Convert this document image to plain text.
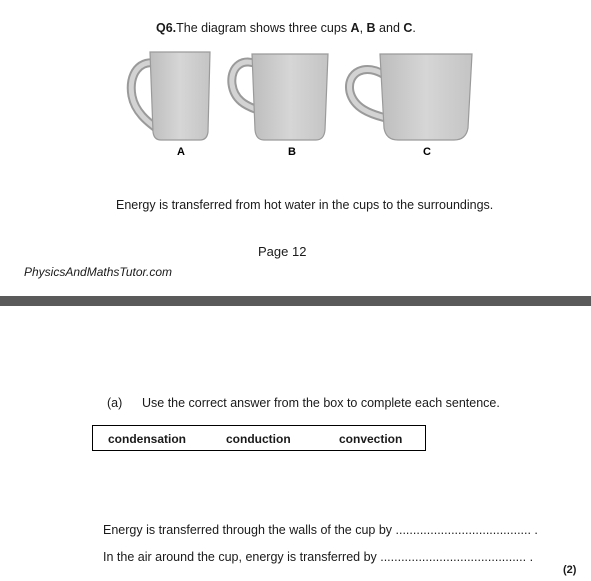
Q6.The diagram shows three cups A, B and C.
A	B	C
Energy is transferred from hot water in the cups to the surroundings.
Page 12
PhysicsAndMathsTutor.com
(a) Use the correct answer from the box to complete each sentence.
condensation	conduction	convection
Energy is transferred through the walls of the cup by ....................................... .
In the air around the cup, energy is transferred by .......................................... .
(2)
